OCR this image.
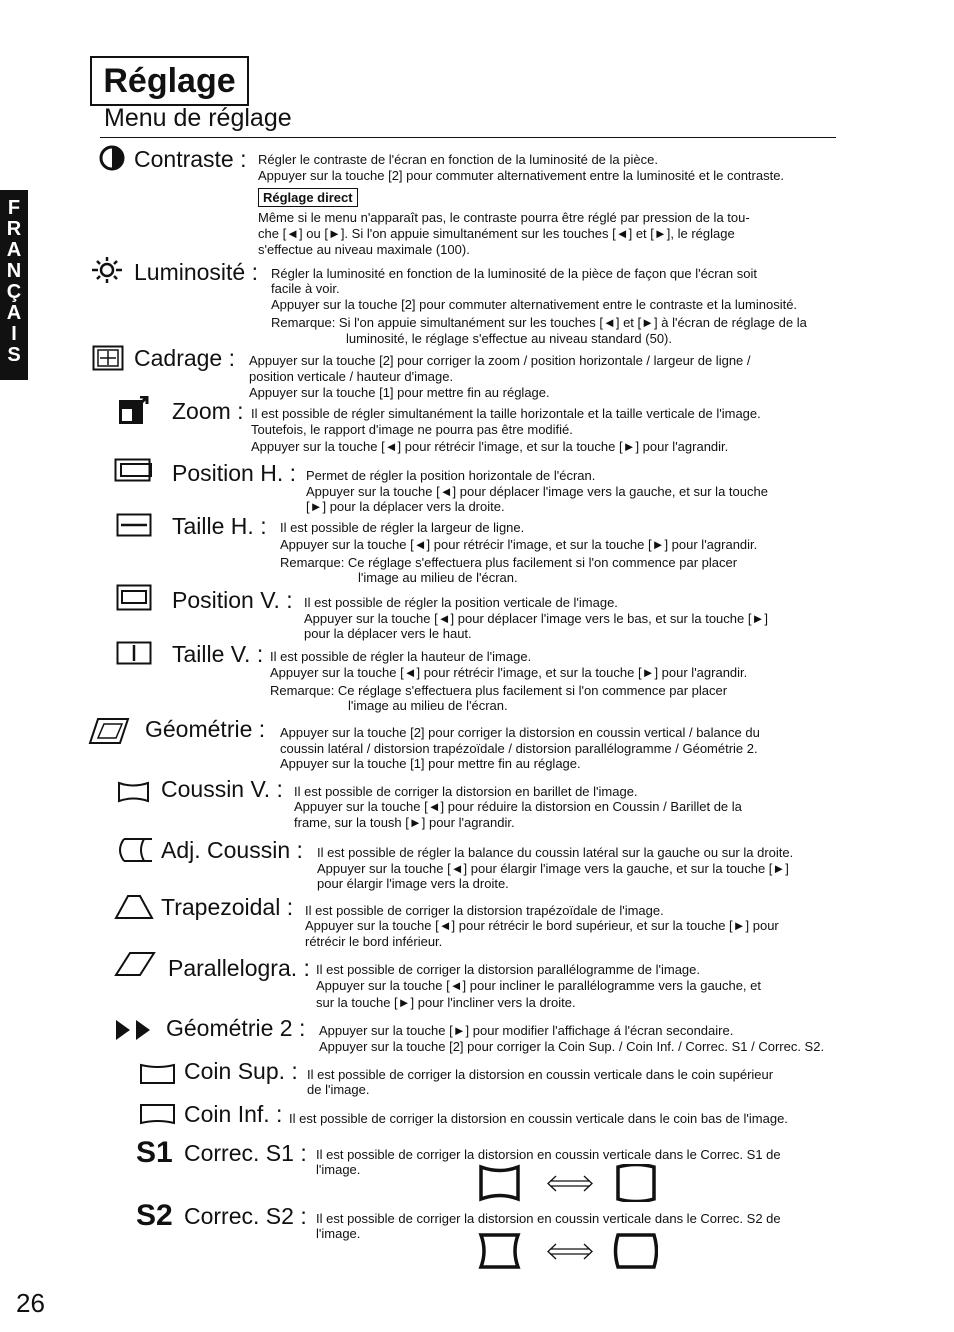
Réglage
Menu de réglage
F
R
A
N
Ç
A
I
S
Contraste : Régler le contraste de l'écran en fonction de la luminosité de la pièce.
Appuyer sur la touche [2] pour commuter alternativement entre la luminosité et le contraste.
Réglage direct
Même si le menu n'apparaît pas, le contraste pourra être réglé par pression de la tou-
che [◄] ou [►]. Si l'on appuie simultanément sur les touches [◄] et [►], le réglage
s'effectue au niveau maximale (100).
Luminosité : Régler la luminosité en fonction de la luminosité de la pièce de façon que l'écran soit
facile à voir.
Appuyer sur la touche [2] pour commuter alternativement entre le contraste et la luminosité.
Remarque: Si l'on appuie simultanément sur les touches [◄] et [►] à l'écran de réglage de la
luminosité, le réglage s'effectue au niveau standard (50).
Cadrage : Appuyer sur la touche [2] pour corriger la zoom / position horizontale / largeur de ligne /
position verticale / hauteur d'image.
Appuyer sur la touche [1] pour mettre fin au réglage.
Zoom : Il est possible de régler simultanément la taille horizontale et la taille verticale de l'image.
Toutefois, le rapport d'image ne pourra pas être modifié.
Appuyer sur la touche [◄] pour rétrécir l'image, et sur la touche [►] pour l'agrandir.
Position H. : Permet de régler la position horizontale de l'écran.
Appuyer sur la touche [◄] pour déplacer l'image vers la gauche, et sur la touche
[►] pour la déplacer vers la droite.
Taille H. : Il est possible de régler la largeur de ligne.
Appuyer sur la touche [◄] pour rétrécir l'image, et sur la touche [►] pour l'agrandir.
Remarque: Ce réglage s'effectuera plus facilement si l'on commence par placer
l'image au milieu de l'écran.
Position V. : Il est possible de régler la position verticale de l'image.
Appuyer sur la touche [◄] pour déplacer l'image vers le bas, et sur la touche [►]
pour la déplacer vers le haut.
Taille V. : Il est possible de régler la hauteur de l'image.
Appuyer sur la touche [◄] pour rétrécir l'image, et sur la touche [►] pour l'agrandir.
Remarque: Ce réglage s'effectuera plus facilement si l'on commence par placer
l'image au milieu de l'écran.
Géométrie : Appuyer sur la touche [2] pour corriger la distorsion en coussin vertical / balance du
coussin latéral / distorsion trapézoïdale / distorsion parallélogramme / Géométrie 2.
Appuyer sur la touche [1] pour mettre fin au réglage.
Coussin V. : Il est possible de corriger la distorsion en barillet de l'image.
Appuyer sur la touche [◄] pour réduire la distorsion en Coussin / Barillet de la
frame, sur la toush [►] pour l'agrandir.
Adj. Coussin : Il est possible de régler la balance du coussin latéral sur la gauche ou sur la droite.
Appuyer sur la touche [◄] pour élargir l'image vers la gauche, et sur la touche [►]
pour élargir l'image vers la droite.
Trapezoidal : Il est possible de corriger la distorsion trapézoïdale de l'image.
Appuyer sur la touche [◄] pour rétrécir le bord supérieur, et sur la touche [►] pour
rétrécir le bord inférieur.
Parallelogra. : Il est possible de corriger la distorsion parallélogramme de l'image.
Appuyer sur la touche [◄] pour incliner le parallélogramme vers la gauche, et
sur la touche [►] pour l'incliner vers la droite.
Géométrie 2 : Appuyer sur la touche [►] pour modifier l'affichage á l'écran secondaire.
Appuyer sur la touche [2] pour corriger la Coin Sup. / Coin Inf. / Correc. S1 / Correc. S2.
Coin Sup. : Il est possible de corriger la distorsion en coussin verticale dans le coin supérieur
de l'image.
Coin Inf. : Il est possible de corriger la distorsion en coussin verticale dans le coin bas de l'image.
S1 Correc. S1 : Il est possible de corriger la distorsion en coussin verticale dans le Correc. S1 de
l'image.
S2 Correc. S2 : Il est possible de corriger la distorsion en coussin verticale dans le Correc. S2 de
l'image.
26
